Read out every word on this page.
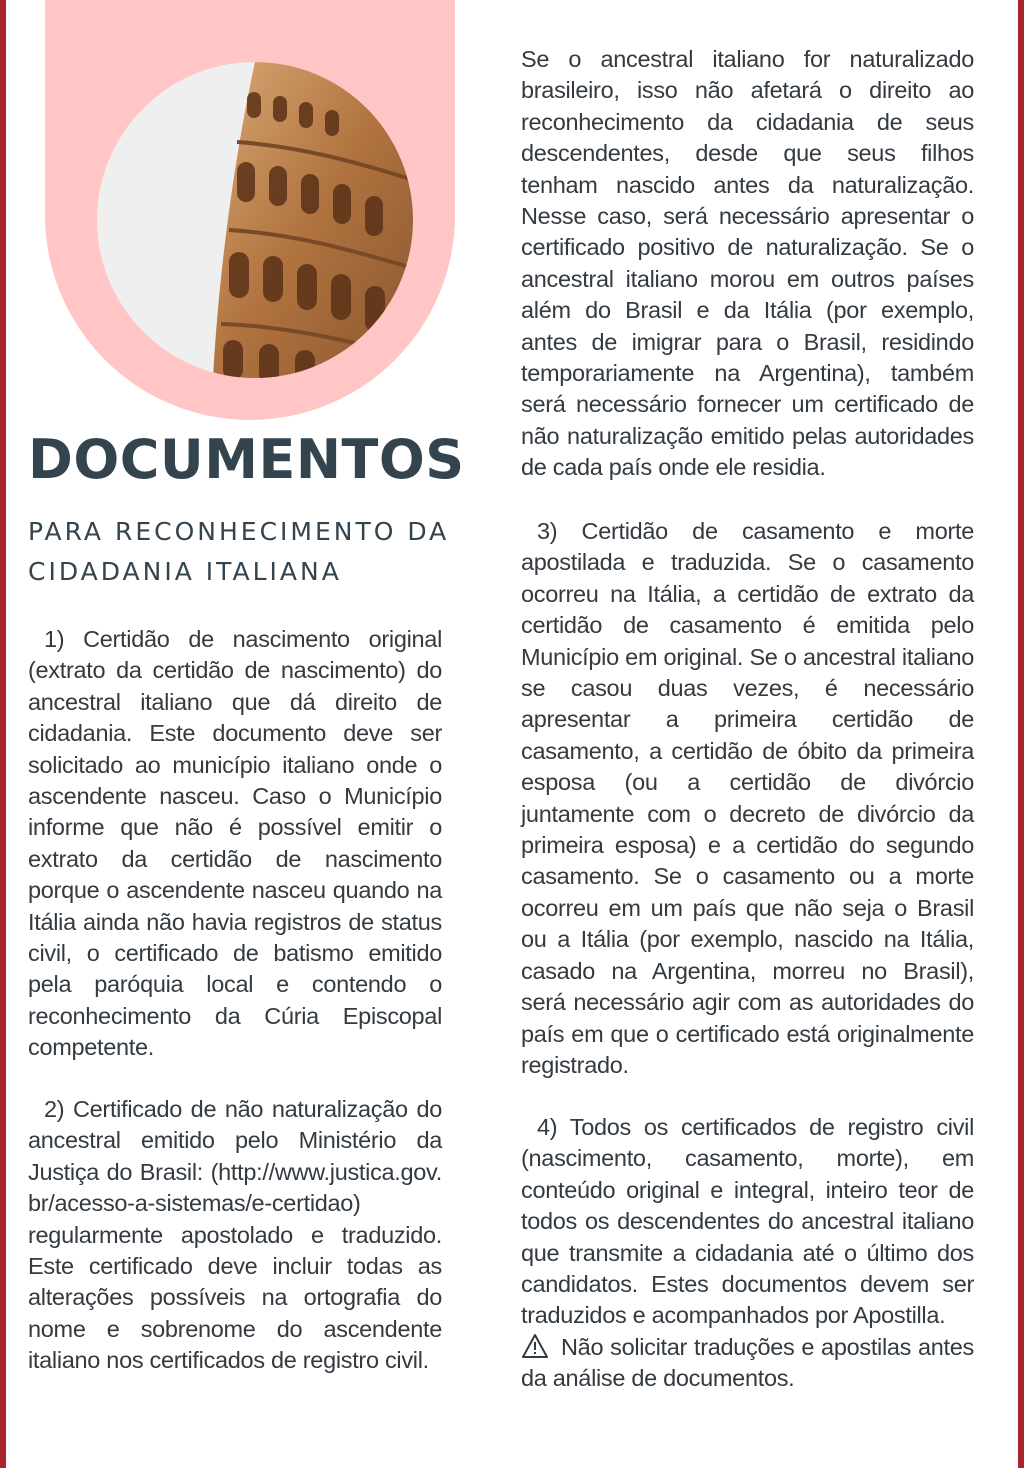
DOCUMENTOS
PARA RECONHECIMENTO DA
CIDADANIA ITALIANA

1) Certidão de nascimento original (extrato da certidão de nascimento) do ancestral italiano que dá direito de cidadania. Este documento deve ser solicitado ao município italiano onde o ascendente nasceu. Caso o Município informe que não é possível emitir o extrato da certidão de nascimento porque o ascendente nasceu quando na Itália ainda não havia registros de status civil, o certificado de batismo emitido pela paróquia local e contendo o reconhecimento da Cúria Episcopal competente.

2) Certificado de não naturalização do ancestral emitido pelo Ministério da Justiça do Brasil: (http://www.justica.gov.br/acesso-a-sistemas/e-certidao) regularmente apostolado e traduzido. Este certificado deve incluir todas as alterações possíveis na ortografia do nome e sobrenome do ascendente italiano nos certificados de registro civil.

Se o ancestral italiano for naturalizado brasileiro, isso não afetará o direito ao reconhecimento da cidadania de seus descendentes, desde que seus filhos tenham nascido antes da naturalização. Nesse caso, será necessário apresentar o certificado positivo de naturalização. Se o ancestral italiano morou em outros países além do Brasil e da Itália (por exemplo, antes de imigrar para o Brasil, residindo temporariamente na Argentina), também será necessário fornecer um certificado de não naturalização emitido pelas autoridades de cada país onde ele residia.

3) Certidão de casamento e morte apostilada e traduzida. Se o casamento ocorreu na Itália, a certidão de extrato da certidão de casamento é emitida pelo Município em original. Se o ancestral italiano se casou duas vezes, é necessário apresentar a primeira certidão de casamento, a certidão de óbito da primeira esposa (ou a certidão de divórcio juntamente com o decreto de divórcio da primeira esposa) e a certidão do segundo casamento. Se o casamento ou a morte ocorreu em um país que não seja o Brasil ou a Itália (por exemplo, nascido na Itália, casado na Argentina, morreu no Brasil), será necessário agir com as autoridades do país em que o certificado está originalmente registrado.

4) Todos os certificados de registro civil (nascimento, casamento, morte), em conteúdo original e integral, inteiro teor de todos os descendentes do ancestral italiano que transmite a cidadania até o último dos candidatos. Estes documentos devem ser traduzidos e acompanhados por Apostilla.

Não solicitar traduções e apostilas antes da análise de documentos.
